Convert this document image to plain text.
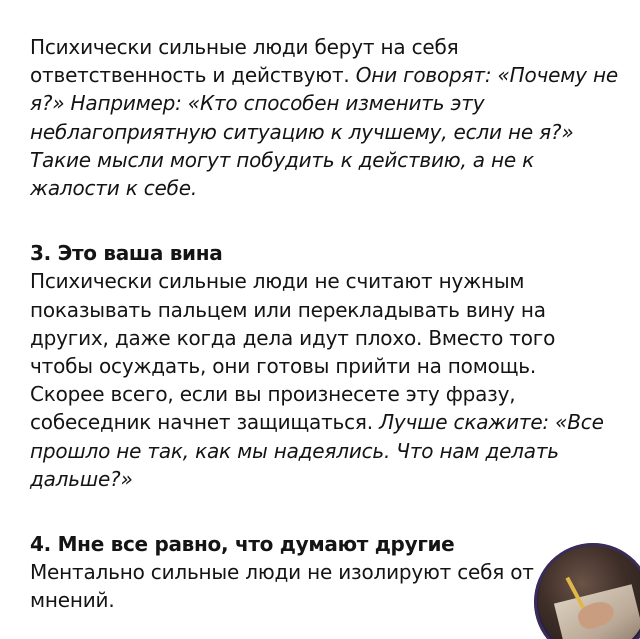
Психически сильные люди берут на себя
ответственность и действуют. Они говорят: «Почему не
я?» Например: «Кто способен изменить эту
неблагоприятную ситуацию к лучшему, если не я?»
Такие мысли могут побудить к действию, а не к
жалости к себе.

3. Это ваша вина

Психически сильные люди не считают нужным
показывать пальцем или перекладывать вину на
других, даже когда дела идут плохо. Вместо того
чтобы осуждать, они готовы прийти на помощь.
Скорее всего, если вы произнесете эту фразу,
собеседник начнет защищаться. Лучше скажите: «Все
прошло не так, как мы надеялись. Что нам делать
дальше?»

4. Мне все равно, что думают другие

Ментально сильные люди не изолируют себя от
мнений.
